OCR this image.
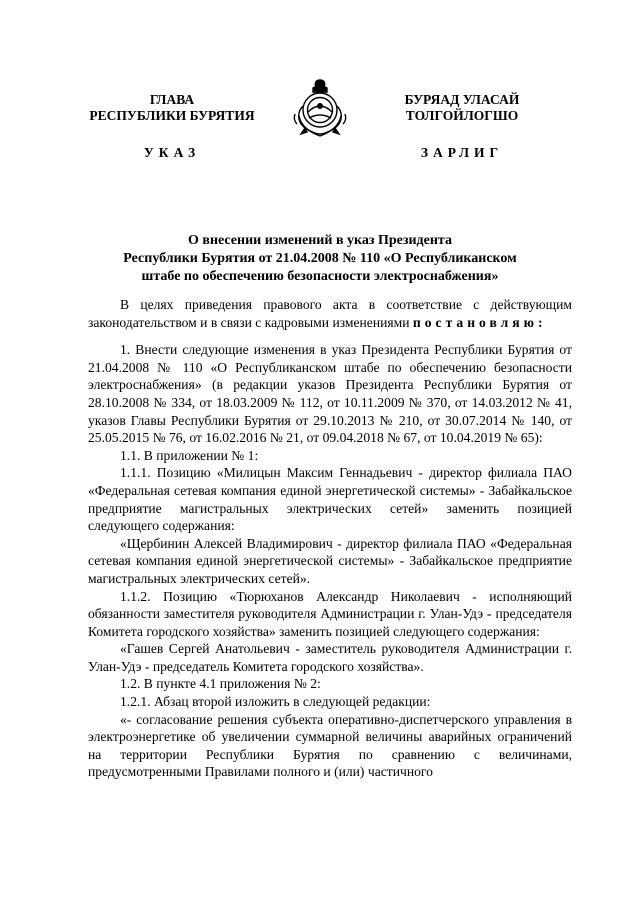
ГЛАВА
РЕСПУБЛИКИ БУРЯТИЯ
БУРЯАД УЛАСАЙ
ТОЛГОЙЛОГШО
УКАЗ	ЗАРЛИГ
О внесении изменений в указ Президента
Республики Бурятия от 21.04.2008 № 110 «О Республиканском
штабе по обеспечению безопасности электроснабжения»

В целях приведения правового акта в соответствие с действующим законодательством и в связи с кадровыми изменениями постановляю:

1. Внести следующие изменения в указ Президента Республики Бурятия от 21.04.2008 № 110 «О Республиканском штабе по обеспечению безопасности электроснабжения» (в редакции указов Президента Республики Бурятия от 28.10.2008 № 334, от 18.03.2009 № 112, от 10.11.2009 № 370, от 14.03.2012 № 41, указов Главы Республики Бурятия от 29.10.2013 № 210, от 30.07.2014 № 140, от 25.05.2015 № 76, от 16.02.2016 № 21, от 09.04.2018 № 67, от 10.04.2019 № 65):

1.1. В приложении № 1:

1.1.1. Позицию «Милицын Максим Геннадьевич - директор филиала ПАО «Федеральная сетевая компания единой энергетической системы» - Забайкальское предприятие магистральных электрических сетей» заменить позицией следующего содержания:

«Щербинин Алексей Владимирович - директор филиала ПАО «Федеральная сетевая компания единой энергетической системы» - Забайкальское предприятие магистральных электрических сетей».

1.1.2. Позицию «Тюрюханов Александр Николаевич - исполняющий обязанности заместителя руководителя Администрации г. Улан-Удэ - председателя Комитета городского хозяйства» заменить позицией следующего содержания:

«Гашев Сергей Анатольевич - заместитель руководителя Администрации г. Улан-Удэ - председатель Комитета городского хозяйства».

1.2. В пункте 4.1 приложения № 2:

1.2.1. Абзац второй изложить в следующей редакции:

«- согласование решения субъекта оперативно-диспетчерского управления в электроэнергетике об увеличении суммарной величины аварийных ограничений на территории Республики Бурятия по сравнению с величинами, предусмотренными Правилами полного и (или) частичного
